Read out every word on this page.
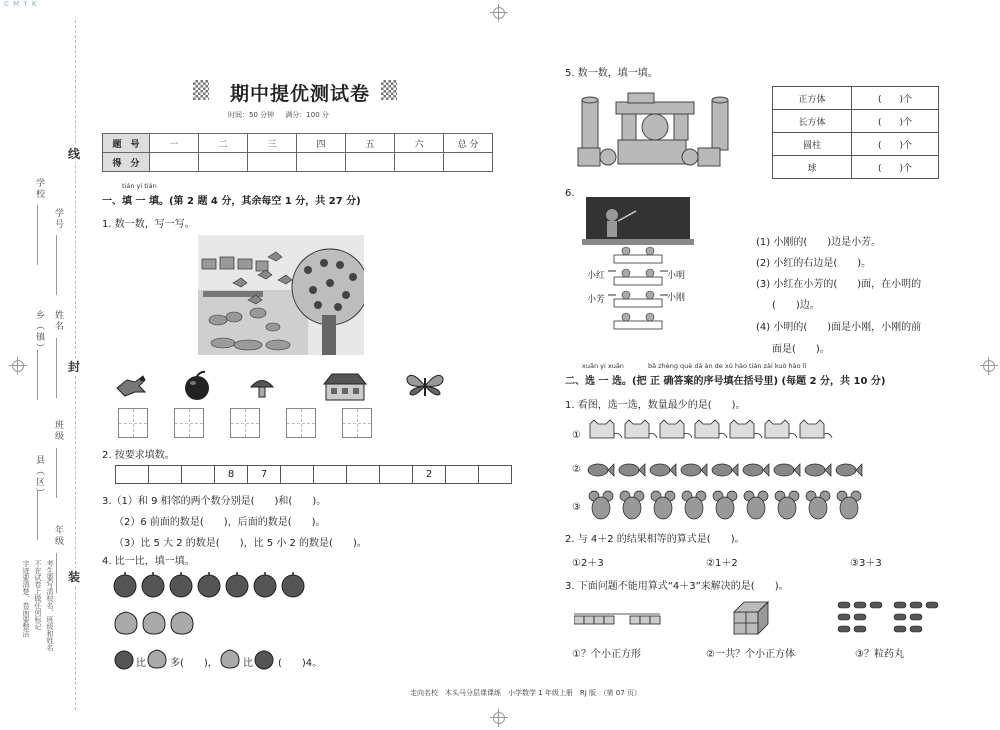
C M Y K
线
封
装
学校
学号
乡（镇） 姓名
班级
县（区）
年级
考生要写清校名、班级和姓名
不在试卷上做任何标记
字迹要清楚、卷面要整洁
期中提优测试卷
时间：50 分钟 满分：100 分
题　号	一	二	三	四	五	六	总 分
得　分							
tián yi tián
一、填 一 填。(第 2 题 4 分，其余每空 1 分，共 27 分)
1. 数一数，写一写。
2. 按要求填数。
			8	7					2		
3.（1）和 9 相邻的两个数分别是(　　)和(　　)。
（2）6 前面的数是(　　)，后面的数是(　　)。
（3）比 5 大 2 的数是(　　)，比 5 小 2 的数是(　　)。
4. 比一比，填一填。
比 多(　　)，	比	(　　)4。
5. 数一数，填一填。
正方体	(　　)个
长方体	(　　)个
圆柱	(　　)个
球	(　　)个
6.
小红	小明
小芳	小刚
(1) 小刚的(　　)边是小芳。
(2) 小红的右边是(　　)。
(3) 小红在小芳的(　　)面，在小明的
(　　)边。
(4) 小明的(　　)面是小刚，小刚的前
面是(　　)。
xuǎn yi xuǎn	bǎ zhèng què dá àn de xù hào tián zài kuò hào lǐ
二、选 一 选。(把 正 确答案的序号填在括号里) (每题 2 分，共 10 分)
1. 看图，选一选，数量最少的是(　　)。
①
②
③
2. 与 4＋2 的结果相等的算式是(　　)。
①2＋3	②1＋2	③3＋3
3. 下面问题不能用算式“4＋3”来解决的是(　　)。
①？个小正方形	②一共？个小正方体	③？粒药丸
走向名校　木头马分层课课练　小学数学 1 年级上册　RJ 版　（第 07 页）
